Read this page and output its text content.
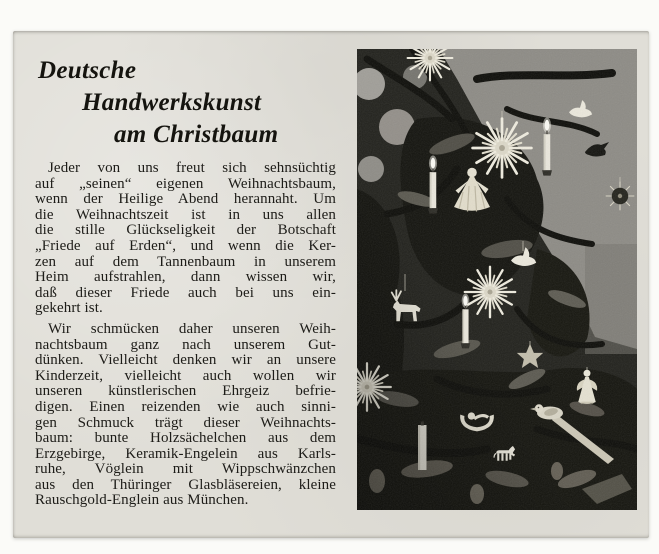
Deutsche
Handwerkskunst
am Christbaum
Jeder von uns freut sich sehnsüchtig
auf „seinen“ eigenen Weihnachtsbaum,
wenn der Heilige Abend herannaht. Um
die Weihnachtszeit ist in uns allen
die stille Glückseligkeit der Botschaft
„Friede auf Erden“, und wenn die Ker-
zen auf dem Tannenbaum in unserem
Heim aufstrahlen, dann wissen wir,
daß dieser Friede auch bei uns ein-
gekehrt ist.
Wir schmücken daher unseren Weih-
nachtsbaum ganz nach unserem Gut-
dünken. Vielleicht denken wir an unsere
Kinderzeit, vielleicht auch wollen wir
unseren künstlerischen Ehrgeiz befrie-
digen. Einen reizenden wie auch sinni-
gen Schmuck trägt dieser Weihnachts-
baum: bunte Holzsächelchen aus dem
Erzgebirge, Keramik-Engelein aus Karls-
ruhe, Vöglein mit Wippschwänzchen
aus den Thüringer Glasbläsereien, kleine
Rauschgold-Englein aus München.
